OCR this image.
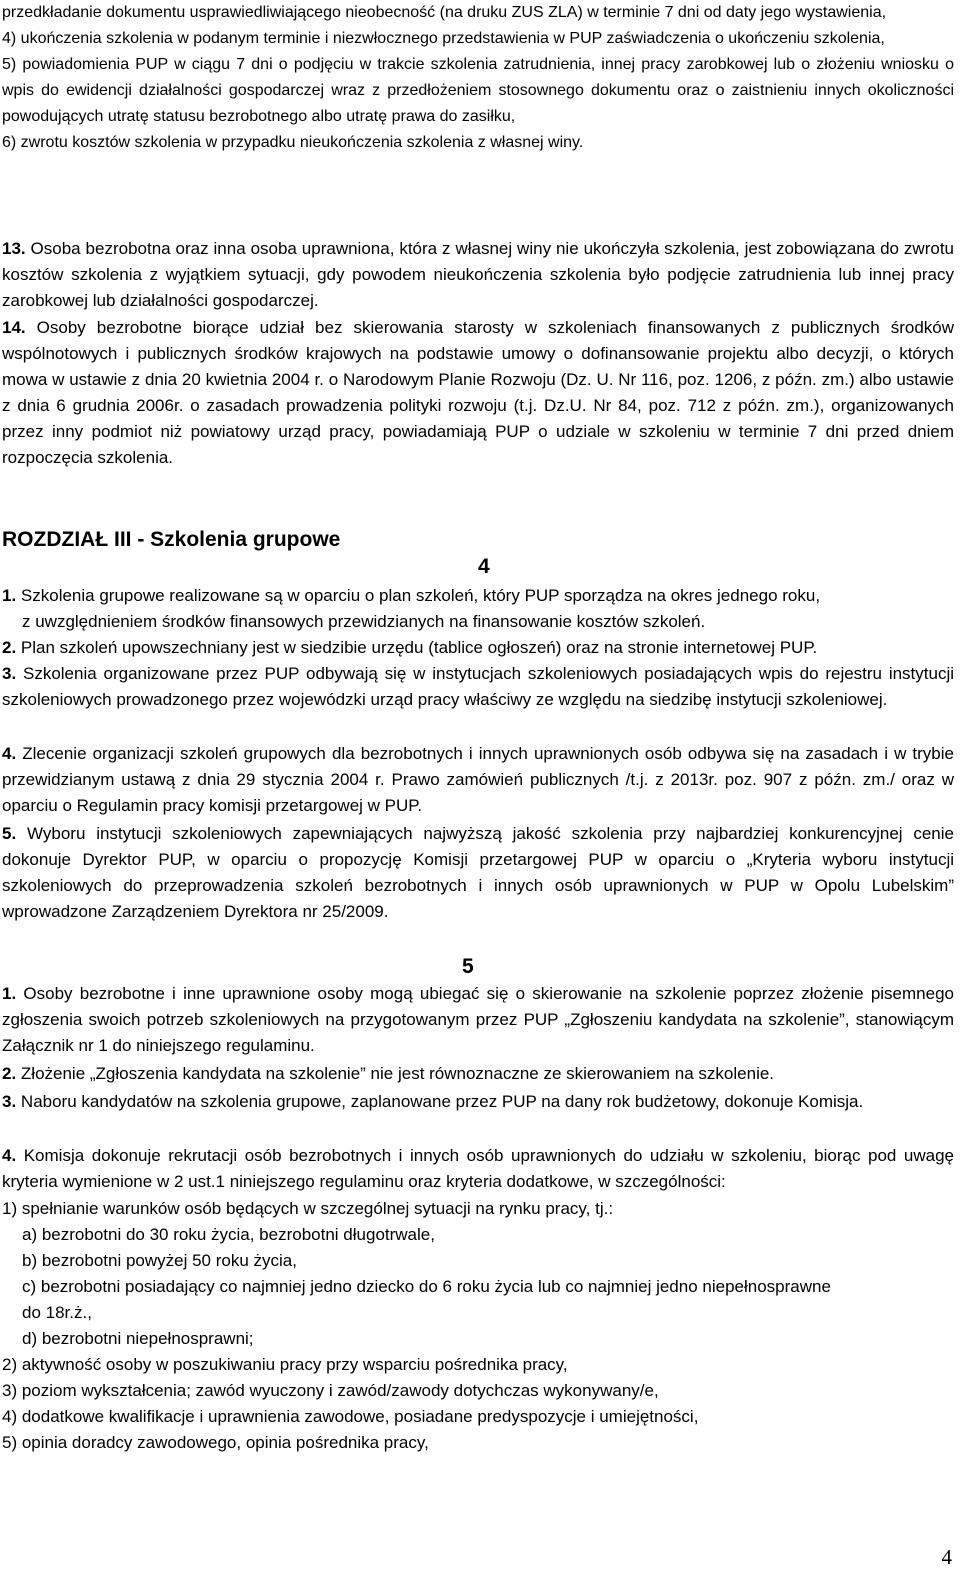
przedkładanie dokumentu usprawiedliwiającego nieobecność (na druku ZUS ZLA) w terminie 7 dni od daty jego wystawienia,
4) ukończenia szkolenia w podanym terminie i niezwłocznego przedstawienia w PUP zaświadczenia o ukończeniu szkolenia,
5) powiadomienia PUP w ciągu 7 dni o podjęciu w trakcie szkolenia zatrudnienia, innej pracy zarobkowej lub o złożeniu wniosku o wpis do ewidencji działalności gospodarczej wraz z przedłożeniem stosownego dokumentu oraz o zaistnieniu innych okoliczności powodujących utratę statusu bezrobotnego albo utratę prawa do zasiłku,
6) zwrotu kosztów szkolenia w przypadku nieukończenia szkolenia z własnej winy.

13. Osoba bezrobotna oraz inna osoba uprawniona, która z własnej winy nie ukończyła szkolenia, jest zobowiązana do zwrotu kosztów szkolenia z wyjątkiem sytuacji, gdy powodem nieukończenia szkolenia było podjęcie zatrudnienia lub innej pracy zarobkowej lub działalności gospodarczej.

14. Osoby bezrobotne biorące udział bez skierowania starosty w szkoleniach finansowanych z publicznych środków wspólnotowych i publicznych środków krajowych na podstawie umowy o dofinansowanie projektu albo decyzji, o których mowa w ustawie z dnia 20 kwietnia 2004 r. o Narodowym Planie Rozwoju (Dz. U. Nr 116, poz. 1206, z późn. zm.) albo ustawie z dnia 6 grudnia 2006r. o zasadach prowadzenia polityki rozwoju (t.j. Dz.U. Nr 84, poz. 712 z późn. zm.), organizowanych przez inny podmiot niż powiatowy urząd pracy, powiadamiają PUP o udziale w szkoleniu w terminie 7 dni przed dniem rozpoczęcia szkolenia.

ROZDZIAŁ III - Szkolenia grupowe
4

1. Szkolenia grupowe realizowane są w oparciu o plan szkoleń, który PUP sporządza na okres jednego roku,

z uwzględnieniem środków finansowych przewidzianych na finansowanie kosztów szkoleń.

2. Plan szkoleń upowszechniany jest w siedzibie urzędu (tablice ogłoszeń) oraz na stronie internetowej PUP.

3. Szkolenia organizowane przez PUP odbywają się w instytucjach szkoleniowych posiadających wpis do rejestru instytucji szkoleniowych prowadzonego przez wojewódzki urząd pracy właściwy ze względu na siedzibę instytucji szkoleniowej.

4. Zlecenie organizacji szkoleń grupowych dla bezrobotnych i innych uprawnionych osób odbywa się na zasadach i w trybie przewidzianym ustawą z dnia 29 stycznia 2004 r. Prawo zamówień publicznych /t.j. z 2013r. poz. 907 z późn. zm./ oraz w oparciu o Regulamin pracy komisji przetargowej w PUP.

5. Wyboru instytucji szkoleniowych zapewniających najwyższą jakość szkolenia przy najbardziej konkurencyjnej cenie dokonuje Dyrektor PUP, w oparciu o propozycję Komisji przetargowej PUP w oparciu o „Kryteria wyboru instytucji szkoleniowych do przeprowadzenia szkoleń bezrobotnych i innych osób uprawnionych w PUP w Opolu Lubelskim” wprowadzone Zarządzeniem Dyrektora nr 25/2009.

5

1. Osoby bezrobotne i inne uprawnione osoby mogą ubiegać się o skierowanie na szkolenie poprzez złożenie pisemnego zgłoszenia swoich potrzeb szkoleniowych na przygotowanym przez PUP „Zgłoszeniu kandydata na szkolenie”, stanowiącym Załącznik nr 1 do niniejszego regulaminu.

2. Złożenie „Zgłoszenia kandydata na szkolenie” nie jest równoznaczne ze skierowaniem na szkolenie.

3. Naboru kandydatów na szkolenia grupowe, zaplanowane przez PUP na dany rok budżetowy, dokonuje Komisja.

4. Komisja dokonuje rekrutacji osób bezrobotnych i innych osób uprawnionych do udziału w szkoleniu, biorąc pod uwagę kryteria wymienione w 2 ust.1 niniejszego regulaminu oraz kryteria dodatkowe, w szczególności:

1) spełnianie warunków osób będących w szczególnej sytuacji na rynku pracy, tj.:
a) bezrobotni do 30 roku życia, bezrobotni długotrwale,
b) bezrobotni powyżej 50 roku życia,
c) bezrobotni posiadający co najmniej jedno dziecko do 6 roku życia lub co najmniej jedno niepełnosprawne
do 18r.ż.,
d) bezrobotni niepełnosprawni;
2) aktywność osoby w poszukiwaniu pracy przy wsparciu pośrednika pracy,
3) poziom wykształcenia; zawód wyuczony i zawód/zawody dotychczas wykonywany/e,
4) dodatkowe kwalifikacje i uprawnienia zawodowe, posiadane predyspozycje i umiejętności,
5) opinia doradcy zawodowego, opinia pośrednika pracy,
4
